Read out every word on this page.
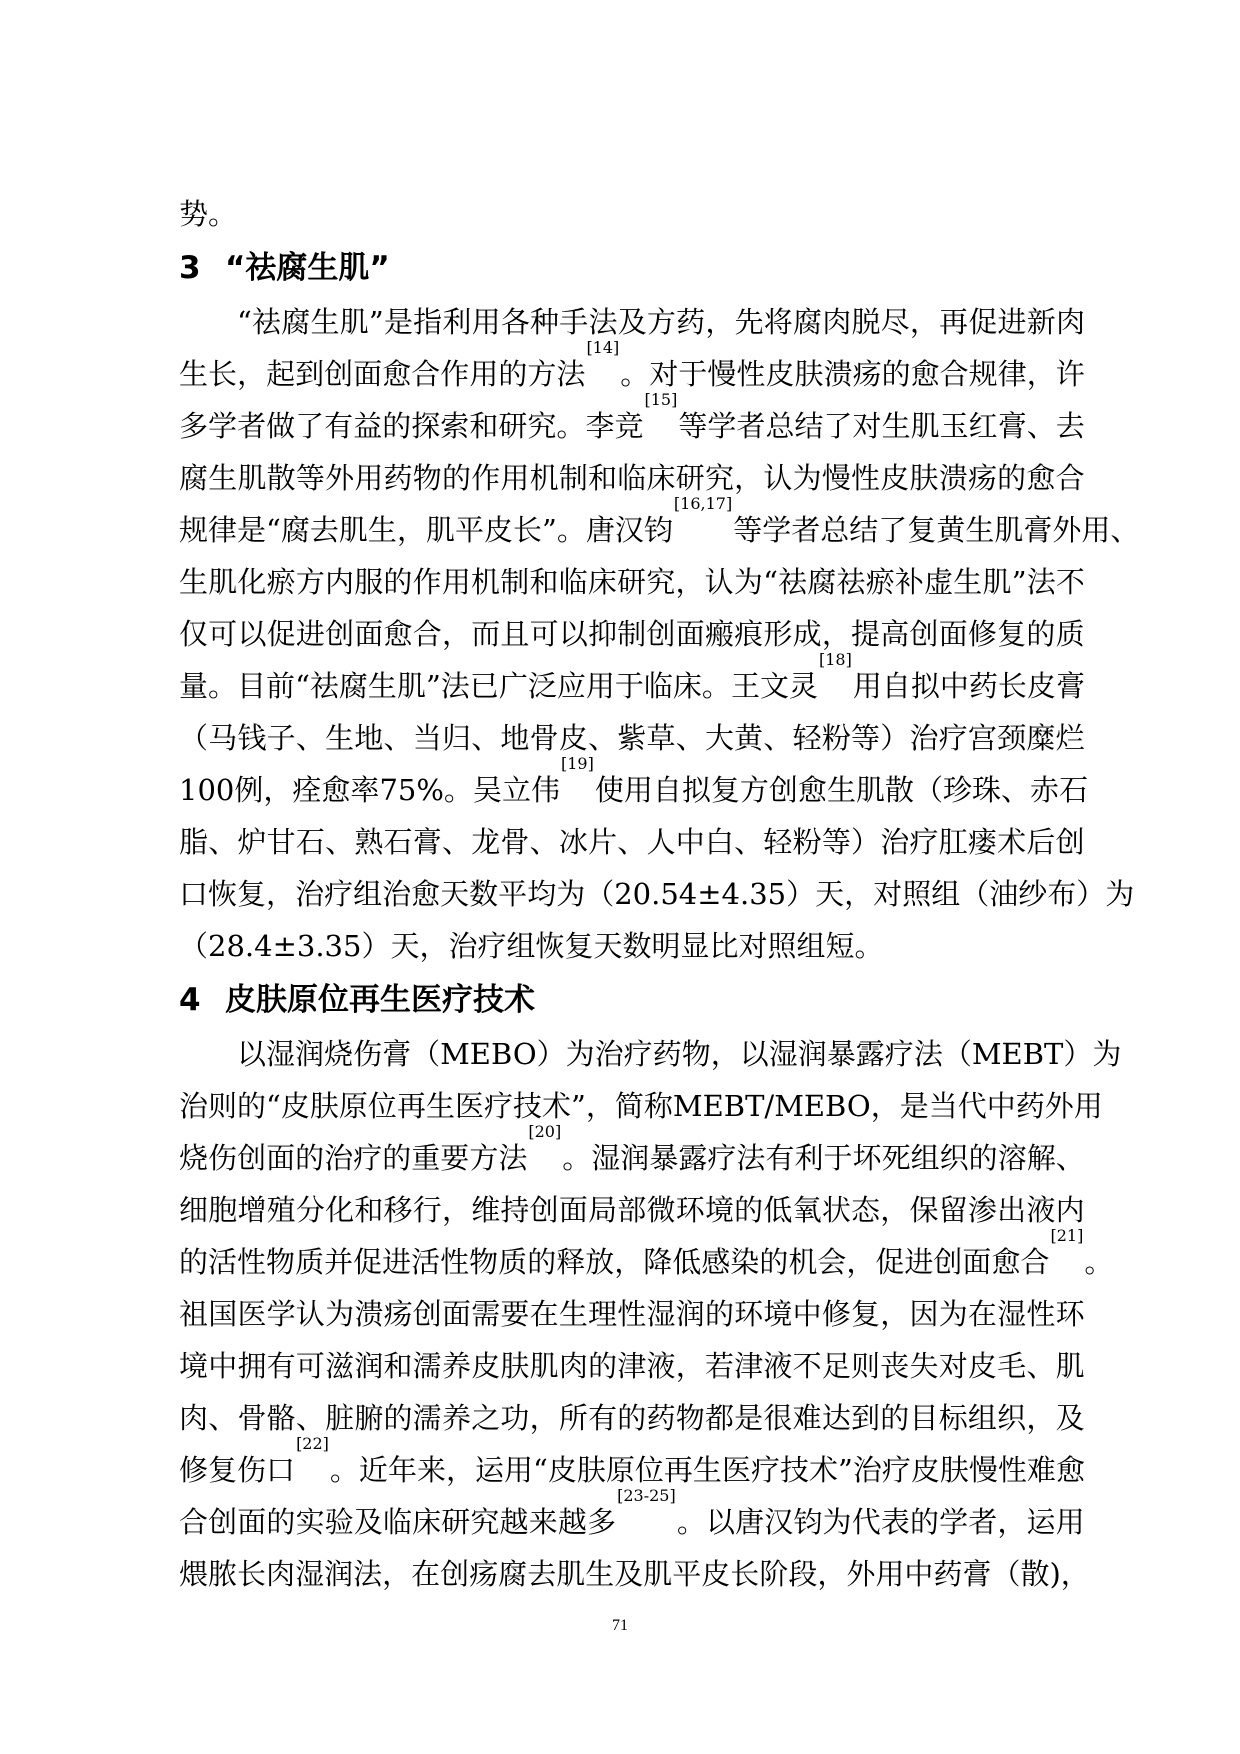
势。
3 “祛腐生肌”
“ 祛 腐 生 肌 ” 是 指 利 用 各 种 手 法 及 方 药 ， 先 将 腐 肉 脱 尽 ， 再 促 进 新 肉
生 长 ， 起 到 创 面 愈 合 作 用 的 方 法
[14]
。 对 于 慢 性 皮 肤 溃 疡 的 愈 合 规 律 ， 许
多 学 者 做 了 有 益 的 探 索 和 研 究 。 李 竞
[15]
等 学 者 总 结 了 对 生 肌 玉 红 膏 、 去
腐 生 肌 散 等 外 用 药 物 的 作 用 机 制 和 临 床 研 究 ， 认 为 慢 性 皮 肤 溃 疡 的 愈 合
规 律 是 “ 腐 去 肌 生 ， 肌 平 皮 长 ” 。 唐 汉 钧
[16,17]
等 学 者 总 结 了 复 黄 生 肌 膏 外 用 、
生 肌 化 瘀 方 内 服 的 作 用 机 制 和 临 床 研 究 ， 认 为 “ 祛 腐 祛 瘀 补 虚 生 肌 ” 法 不
仅 可 以 促 进 创 面 愈 合 ， 而 且 可 以 抑 制 创 面 瘢 痕 形 成 ， 提 高 创 面 修 复 的 质
量 。 目 前 “ 祛 腐 生 肌 ” 法 已 广 泛 应 用 于 临 床 。 王 文 灵
[18]
用 自 拟 中 药 长 皮 膏
（ 马 钱 子 、 生 地 、 当 归 、 地 骨 皮 、 紫 草 、 大 黄 、 轻 粉 等 ） 治 疗 宫 颈 糜 烂
100 例 ， 痊 愈 率 75% 。 吴 立 伟
[19]
使 用 自 拟 复 方 创 愈 生 肌 散 （ 珍 珠 、 赤 石
脂 、 炉 甘 石 、 熟 石 膏 、 龙 骨 、 冰 片 、 人 中 白 、 轻 粉 等 ） 治 疗 肛 瘘 术 后 创
口 恢 复 ， 治 疗 组 治 愈 天 数 平 均 为 （ 20.54±4.35 ） 天 ， 对 照 组 （ 油 纱 布 ） 为
（28.4±3.35）天，治疗组恢复天数明显比对照组短。
4 皮肤原位再生医疗技术
以 湿 润 烧 伤 膏 （ MEBO ） 为 治 疗 药 物 ， 以 湿 润 暴 露 疗 法 （ MEBT ） 为
治 则 的 “ 皮 肤 原 位 再 生 医 疗 技 术 ” ， 简 称 MEBT/MEBO ， 是 当 代 中 药 外 用
烧 伤 创 面 的 治 疗 的 重 要 方 法
[20]
。 湿 润 暴 露 疗 法 有 利 于 坏 死 组 织 的 溶 解 、
细 胞 增 殖 分 化 和 移 行 ， 维 持 创 面 局 部 微 环 境 的 低 氧 状 态 ， 保 留 渗 出 液 内
的 活 性 物 质 并 促 进 活 性 物 质 的 释 放 ， 降 低 感 染 的 机 会 ， 促 进 创 面 愈 合
[21]
。
祖 国 医 学 认 为 溃 疡 创 面 需 要 在 生 理 性 湿 润 的 环 境 中 修 复 ， 因 为 在 湿 性 环
境 中 拥 有 可 滋 润 和 濡 养 皮 肤 肌 肉 的 津 液 ， 若 津 液 不 足 则 丧 失 对 皮 毛 、 肌
肉 、 骨 骼 、 脏 腑 的 濡 养 之 功 ， 所 有 的 药 物 都 是 很 难 达 到 的 目 标 组 织 ， 及
修 复 伤 口
[22]
。 近 年 来 ， 运 用 “ 皮 肤 原 位 再 生 医 疗 技 术 ” 治 疗 皮 肤 慢 性 难 愈
合 创 面 的 实 验 及 临 床 研 究 越 来 越 多
[23-25]
。 以 唐 汉 钧 为 代 表 的 学 者 ， 运 用
煨 脓 长 肉 湿 润 法 ， 在 创 疡 腐 去 肌 生 及 肌 平 皮 长 阶 段 ， 外 用 中 药 膏 （ 散 ) ，
71
